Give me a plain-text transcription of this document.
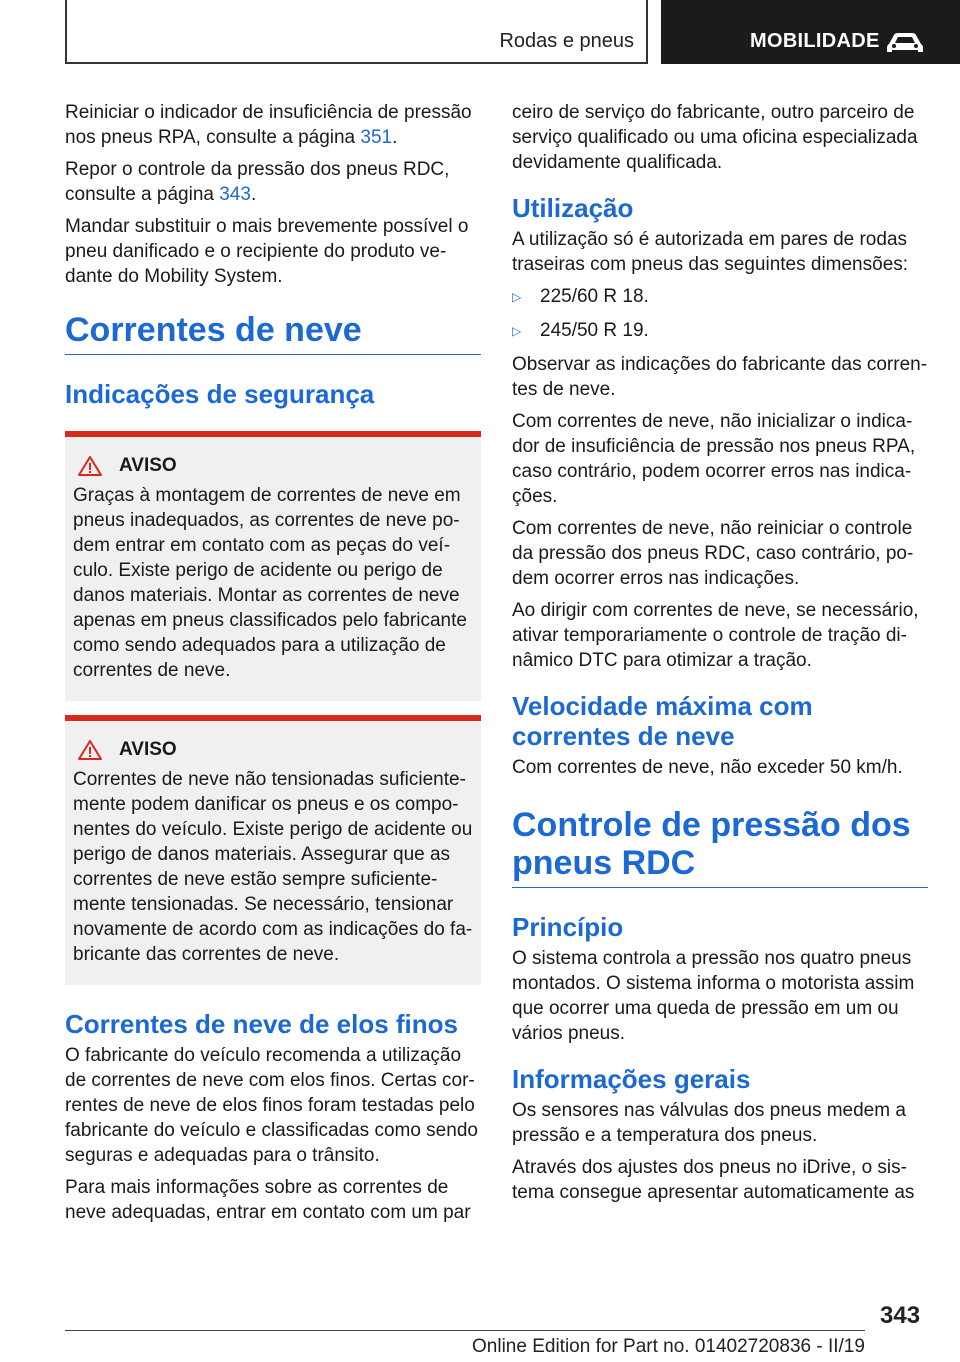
Rodas e pneus	MOBILIDADE

Reiniciar o indicador de insuficiência de pressão nos pneus RPA, consulte a página 351.

Repor o controle da pressão dos pneus RDC, consulte a página 343.

Mandar substituir o mais brevemente possível o pneu danificado e o recipiente do produto vedante do Mobility System.

Correntes de neve
Indicações de segurança
AVISO

Graças à montagem de correntes de neve em pneus inadequados, as correntes de neve podem entrar em contato com as peças do veículo. Existe perigo de acidente ou perigo de danos materiais. Montar as correntes de neve apenas em pneus classificados pelo fabricante como sendo adequados para a utilização de correntes de neve.

AVISO

Correntes de neve não tensionadas suficientemente podem danificar os pneus e os componentes do veículo. Existe perigo de acidente ou perigo de danos materiais. Assegurar que as correntes de neve estão sempre suficientemente tensionadas. Se necessário, tensionar novamente de acordo com as indicações do fabricante das correntes de neve.

Correntes de neve de elos finos

O fabricante do veículo recomenda a utilização de correntes de neve com elos finos. Certas correntes de neve de elos finos foram testadas pelo fabricante do veículo e classificadas como sendo seguras e adequadas para o trânsito.

Para mais informações sobre as correntes de neve adequadas, entrar em contato com um par

ceiro de serviço do fabricante, outro parceiro de serviço qualificado ou uma oficina especializada devidamente qualificada.

Utilização

A utilização só é autorizada em pares de rodas traseiras com pneus das seguintes dimensões:

▷ 225/60 R 18.
▷ 245/50 R 19.

Observar as indicações do fabricante das correntes de neve.

Com correntes de neve, não inicializar o indicador de insuficiência de pressão nos pneus RPA, caso contrário, podem ocorrer erros nas indicações.

Com correntes de neve, não reiniciar o controle da pressão dos pneus RDC, caso contrário, podem ocorrer erros nas indicações.

Ao dirigir com correntes de neve, se necessário, ativar temporariamente o controle de tração dinâmico DTC para otimizar a tração.

Velocidade máxima com correntes de neve

Com correntes de neve, não exceder 50 km/h.

Controle de pressão dos pneus RDC
Princípio

O sistema controla a pressão nos quatro pneus montados. O sistema informa o motorista assim que ocorrer uma queda de pressão em um ou vários pneus.

Informações gerais

Os sensores nas válvulas dos pneus medem a pressão e a temperatura dos pneus.

Através dos ajustes dos pneus no iDrive, o sistema consegue apresentar automaticamente as

343
Online Edition for Part no. 01402720836 - II/19
